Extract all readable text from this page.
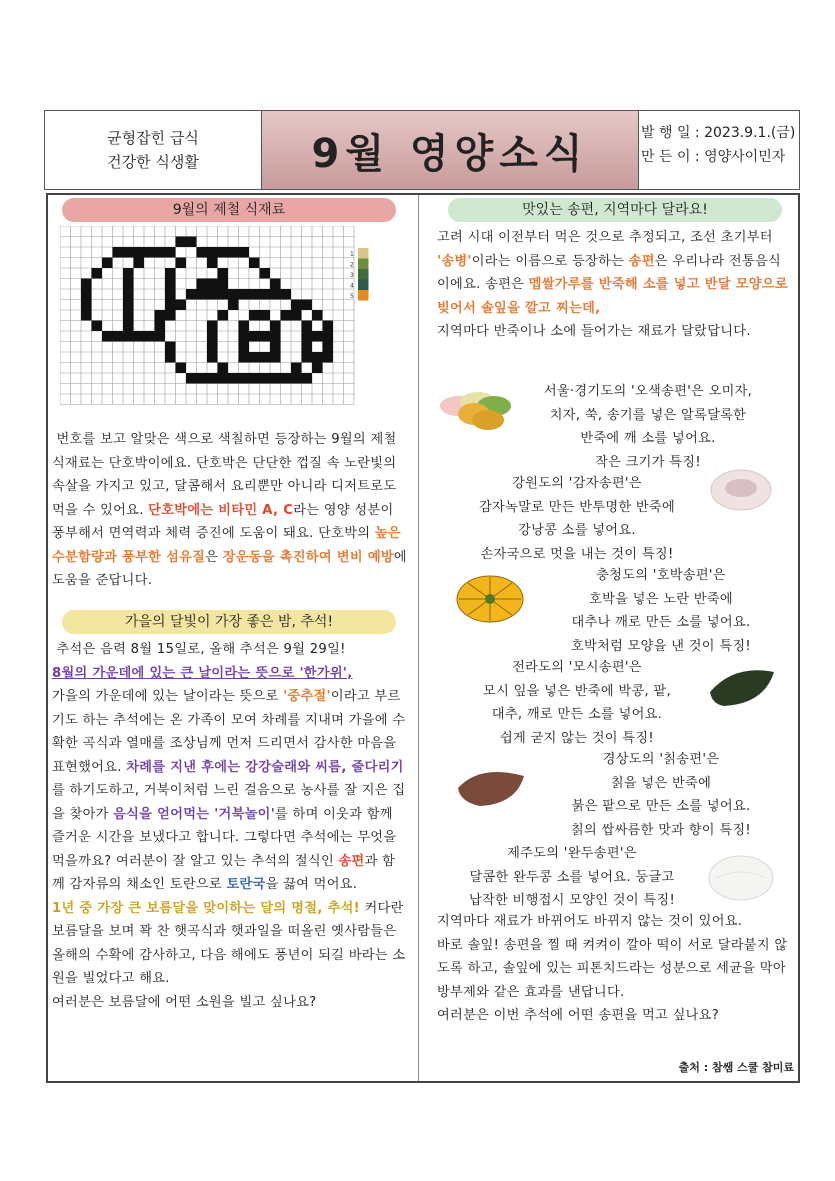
균형잡힌 급식
건강한 식생활	9월 영양소식	발 행 일 : 2023.9.1.(금)
만 든 이 : 영양사이민자
9월의 제철 식재료
1
2
3
4
5
번호를 보고 알맞은 색으로 색칠하면 등장하는 9월의 제철 식재료는 단호박이에요. 단호박은 단단한 껍질 속 노란빛의 속살을 가지고 있고, 달콤해서 요리뿐만 아니라 디저트로도 먹을 수 있어요. 단호박에는 비타민 A, C라는 영양 성분이 풍부해서 면역력과 체력 증진에 도움이 돼요. 단호박의 높은 수분함량과 풍부한 섬유질은 장운동을 촉진하여 변비 예방에 도움을 준답니다.
가을의 달빛이 가장 좋은 밤, 추석!
추석은 음력 8월 15일로, 올해 추석은 9월 29일!
8월의 가운데에 있는 큰 날이라는 뜻으로 '한가위',
가을의 가운데에 있는 날이라는 뜻으로 '중추절'이라고 부르기도 하는 추석에는 온 가족이 모여 차례를 지내며 가을에 수확한 곡식과 열매를 조상님께 먼저 드리면서 감사한 마음을 표현했어요. 차례를 지낸 후에는 강강술래와 씨름, 줄다리기를 하기도하고, 거북이처럼 느린 걸음으로 농사를 잘 지은 집을 찾아가 음식을 얻어먹는 '거북놀이'를 하며 이웃과 함께 즐거운 시간을 보냈다고 합니다. 그렇다면 추석에는 무엇을 먹을까요? 여러분이 잘 알고 있는 추석의 절식인 송편과 함께 감자류의 채소인 토란으로 토란국을 끓여 먹어요.
1년 중 가장 큰 보름달을 맞이하는 달의 명절, 추석! 커다란 보름달을 보며 꽉 찬 햇곡식과 햇과일을 떠올린 옛사람들은 올해의 수확에 감사하고, 다음 해에도 풍년이 되길 바라는 소원을 빌었다고 해요.
여러분은 보름달에 어떤 소원을 빌고 싶나요?
맛있는 송편, 지역마다 달라요!
고려 시대 이전부터 먹은 것으로 추정되고, 조선 초기부터 '송병'이라는 이름으로 등장하는 송편은 우리나라 전통음식이에요. 송편은 멥쌀가루를 반죽해 소를 넣고 반달 모양으로 빚어서 솔잎을 깔고 찌는데,
지역마다 반죽이나 소에 들어가는 재료가 달랐답니다.
서울·경기도의 '오색송편'은 오미자,
치자, 쑥, 송기를 넣은 알록달록한
반죽에 깨 소를 넣어요.
작은 크기가 특징!
강원도의 '감자송편'은
감자녹말로 만든 반투명한 반죽에
강낭콩 소를 넣어요.
손자국으로 멋을 내는 것이 특징!
충청도의 '호박송편'은
호박을 넣은 노란 반죽에
대추나 깨로 만든 소를 넣어요.
호박처럼 모양을 낸 것이 특징!
전라도의 '모시송편'은
모시 잎을 넣은 반죽에 박콩, 팥,
대추, 깨로 만든 소를 넣어요.
쉽게 굳지 않는 것이 특징!
경상도의 '칡송편'은
칡을 넣은 반죽에
붉은 팥으로 만든 소를 넣어요.
칡의 쌉싸름한 맛과 향이 특징!
제주도의 '완두송편'은
달콤한 완두콩 소를 넣어요. 둥글고
납작한 비행접시 모양인 것이 특징!
지역마다 재료가 바뀌어도 바뀌지 않는 것이 있어요.
바로 솔잎! 송편을 찔 때 켜켜이 깔아 떡이 서로 달라붙지 않도록 하고, 솔잎에 있는 피톤치드라는 성분으로 세균을 막아 방부제와 같은 효과를 낸답니다.
여러분은 이번 추석에 어떤 송편을 먹고 싶나요?
출처 : 참쌤 스쿨 참미료
